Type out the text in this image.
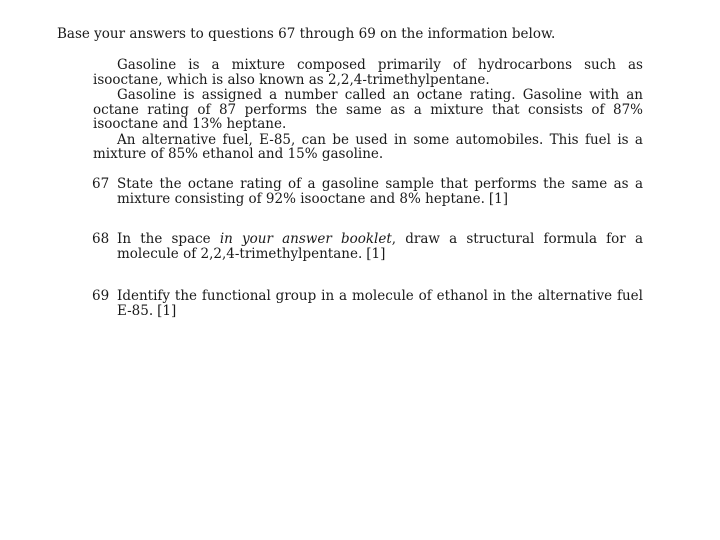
Base your answers to questions 67 through 69 on the information below.

Gasoline is a mixture composed primarily of hydrocarbons such as isooctane, which is also known as 2,2,4-trimethylpentane.

Gasoline is assigned a number called an octane rating. Gasoline with an octane rating of 87 performs the same as a mixture that consists of 87% isooctane and 13% heptane.

An alternative fuel, E-85, can be used in some automobiles. This fuel is a mixture of 85% ethanol and 15% gasoline.

67 State the octane rating of a gasoline sample that performs the same as a mixture consisting of 92% isooctane and 8% heptane. [1]
68 In the space in your answer booklet, draw a structural formula for a molecule of 2,2,4-trimethylpentane. [1]
69 Identify the functional group in a molecule of ethanol in the alternative fuel E-85. [1]
